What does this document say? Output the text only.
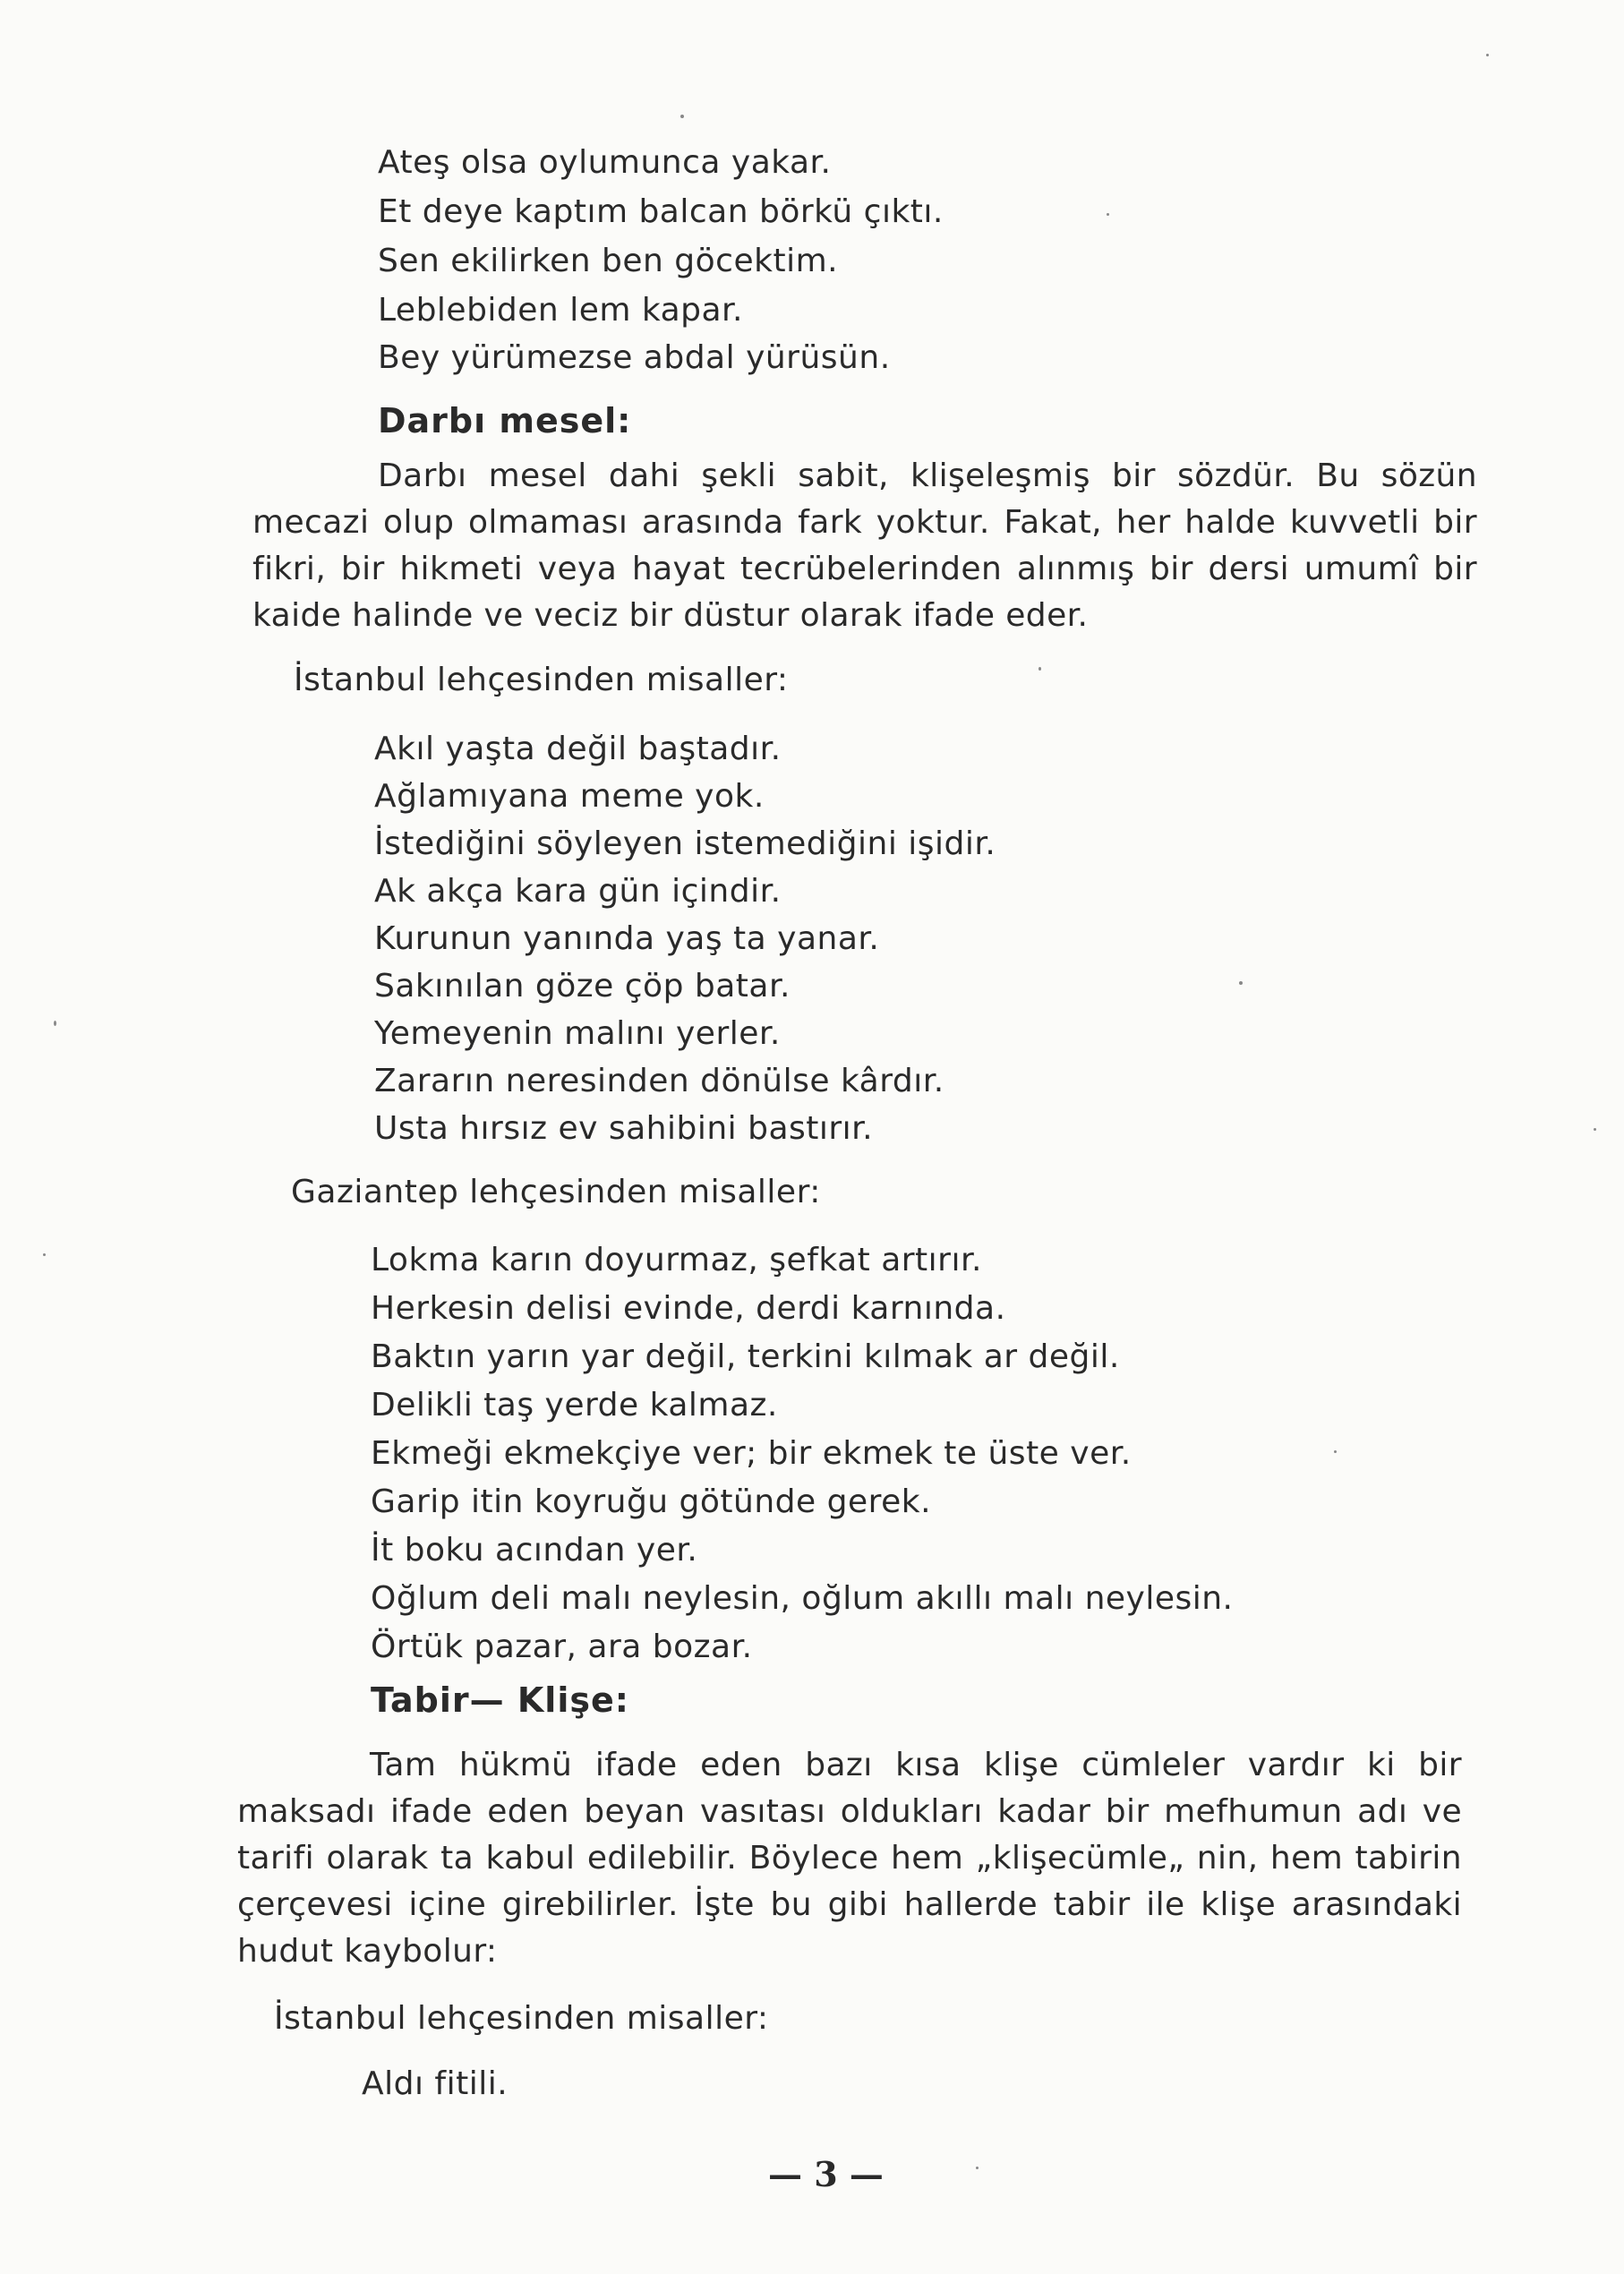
Ateş olsa oylumunca yakar.
Et deye kaptım balcan börkü çıktı.
Sen ekilirken ben göcektim.
Leblebiden lem kapar.
Bey yürümezse abdal yürüsün.
Darbı mesel:
Darbı mesel dahi şekli sabit, klişeleşmiş bir sözdür. Bu sözün mecazi olup olmaması arasında fark yoktur. Fakat, her halde kuvvetli bir fikri, bir hikmeti veya hayat tecrübelerinden alınmış bir dersi umumî bir kaide halinde ve veciz bir düstur olarak ifade eder.
İstanbul lehçesinden misaller:
Akıl yaşta değil baştadır.
Ağlamıyana meme yok.
İstediğini söyleyen istemediğini işidir.
Ak akça kara gün içindir.
Kurunun yanında yaş ta yanar.
Sakınılan göze çöp batar.
Yemeyenin malını yerler.
Zararın neresinden dönülse kârdır.
Usta hırsız ev sahibini bastırır.
Gaziantep lehçesinden misaller:
Lokma karın doyurmaz, şefkat artırır.
Herkesin delisi evinde, derdi karnında.
Baktın yarın yar değil, terkini kılmak ar değil.
Delikli taş yerde kalmaz.
Ekmeği ekmekçiye ver; bir ekmek te üste ver.
Garip itin koyruğu götünde gerek.
İt boku acından yer.
Oğlum deli malı neylesin, oğlum akıllı malı neylesin.
Örtük pazar, ara bozar.
Tabir— Klişe:
Tam hükmü ifade eden bazı kısa klişe cümleler vardır ki bir maksadı ifade eden beyan vasıtası oldukları kadar bir mefhumun adı ve tarifi olarak ta kabul edilebilir. Böylece hem „klişecümle„ nin, hem tabirin çerçevesi içine girebilirler. İşte bu gibi hallerde tabir ile klişe arasındaki hudut kaybolur:
İstanbul lehçesinden misaller:
Aldı fitili.
— 3 —
